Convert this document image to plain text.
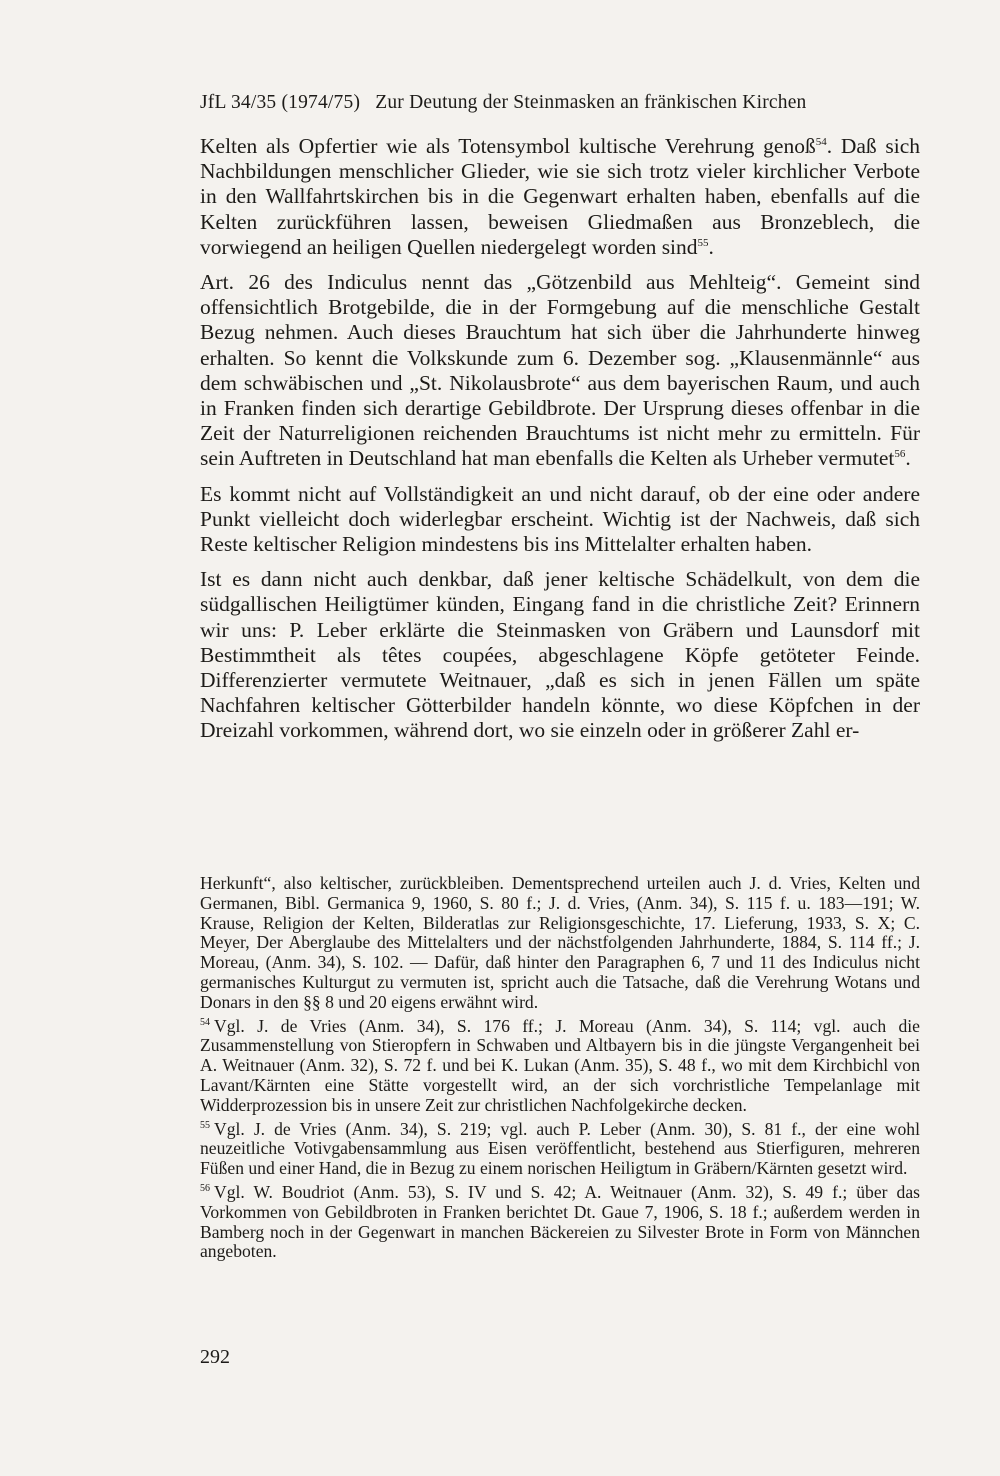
JfL 34/35 (1974/75) Zur Deutung der Steinmasken an fränkischen Kirchen

Kelten als Opfertier wie als Totensymbol kultische Verehrung genoß$^{54}$. Daß sich Nachbildungen menschlicher Glieder, wie sie sich trotz vieler kirchlicher Verbote in den Wallfahrtskirchen bis in die Gegenwart erhalten haben, ebenfalls auf die Kelten zurückführen lassen, beweisen Gliedmaßen aus Bronzeblech, die vorwiegend an heiligen Quellen niedergelegt worden sind$^{55}$.

Art. 26 des Indiculus nennt das „Götzenbild aus Mehlteig“. Gemeint sind offensichtlich Brotgebilde, die in der Formgebung auf die menschliche Gestalt Bezug nehmen. Auch dieses Brauchtum hat sich über die Jahrhunderte hinweg erhalten. So kennt die Volkskunde zum 6. Dezember sog. „Klausenmännle“ aus dem schwäbischen und „St. Nikolausbrote“ aus dem bayerischen Raum, und auch in Franken finden sich derartige Gebildbrote. Der Ursprung dieses offenbar in die Zeit der Naturreligionen reichenden Brauchtums ist nicht mehr zu ermitteln. Für sein Auftreten in Deutschland hat man ebenfalls die Kelten als Urheber vermutet$^{56}$.

Es kommt nicht auf Vollständigkeit an und nicht darauf, ob der eine oder andere Punkt vielleicht doch widerlegbar erscheint. Wichtig ist der Nachweis, daß sich Reste keltischer Religion mindestens bis ins Mittelalter erhalten haben.

Ist es dann nicht auch denkbar, daß jener keltische Schädelkult, von dem die südgallischen Heiligtümer künden, Eingang fand in die christliche Zeit? Erinnern wir uns: P. Leber erklärte die Steinmasken von Gräbern und Launsdorf mit Bestimmtheit als têtes coupées, abgeschlagene Köpfe getöteter Feinde. Differenzierter vermutete Weitnauer, „daß es sich in jenen Fällen um späte Nachfahren keltischer Götterbilder handeln könnte, wo diese Köpfchen in der Dreizahl vorkommen, während dort, wo sie einzeln oder in größerer Zahl er-

Herkunft“, also keltischer, zurückbleiben. Dementsprechend urteilen auch J. d. Vries, Kelten und Germanen, Bibl. Germanica 9, 1960, S. 80 f.; J. d. Vries, (Anm. 34), S. 115 f. u. 183—191; W. Krause, Religion der Kelten, Bilderatlas zur Religionsgeschichte, 17. Lieferung, 1933, S. X; C. Meyer, Der Aberglaube des Mittelalters und der nächstfolgenden Jahrhunderte, 1884, S. 114 ff.; J. Moreau, (Anm. 34), S. 102. — Dafür, daß hinter den Paragraphen 6, 7 und 11 des Indiculus nicht germanisches Kulturgut zu vermuten ist, spricht auch die Tatsache, daß die Verehrung Wotans und Donars in den §§ 8 und 20 eigens erwähnt wird.

$^{54}$ Vgl. J. de Vries (Anm. 34), S. 176 ff.; J. Moreau (Anm. 34), S. 114; vgl. auch die Zusammenstellung von Stieropfern in Schwaben und Altbayern bis in die jüngste Vergangenheit bei A. Weitnauer (Anm. 32), S. 72 f. und bei K. Lukan (Anm. 35), S. 48 f., wo mit dem Kirchbichl von Lavant/Kärnten eine Stätte vorgestellt wird, an der sich vorchristliche Tempelanlage mit Widderprozession bis in unsere Zeit zur christlichen Nachfolgekirche decken.

$^{55}$ Vgl. J. de Vries (Anm. 34), S. 219; vgl. auch P. Leber (Anm. 30), S. 81 f., der eine wohl neuzeitliche Votivgabensammlung aus Eisen veröffentlicht, bestehend aus Stierfiguren, mehreren Füßen und einer Hand, die in Bezug zu einem norischen Heiligtum in Gräbern/Kärnten gesetzt wird.

$^{56}$ Vgl. W. Boudriot (Anm. 53), S. IV und S. 42; A. Weitnauer (Anm. 32), S. 49 f.; über das Vorkommen von Gebildbroten in Franken berichtet Dt. Gaue 7, 1906, S. 18 f.; außerdem werden in Bamberg noch in der Gegenwart in manchen Bäckereien zu Silvester Brote in Form von Männchen angeboten.

292
